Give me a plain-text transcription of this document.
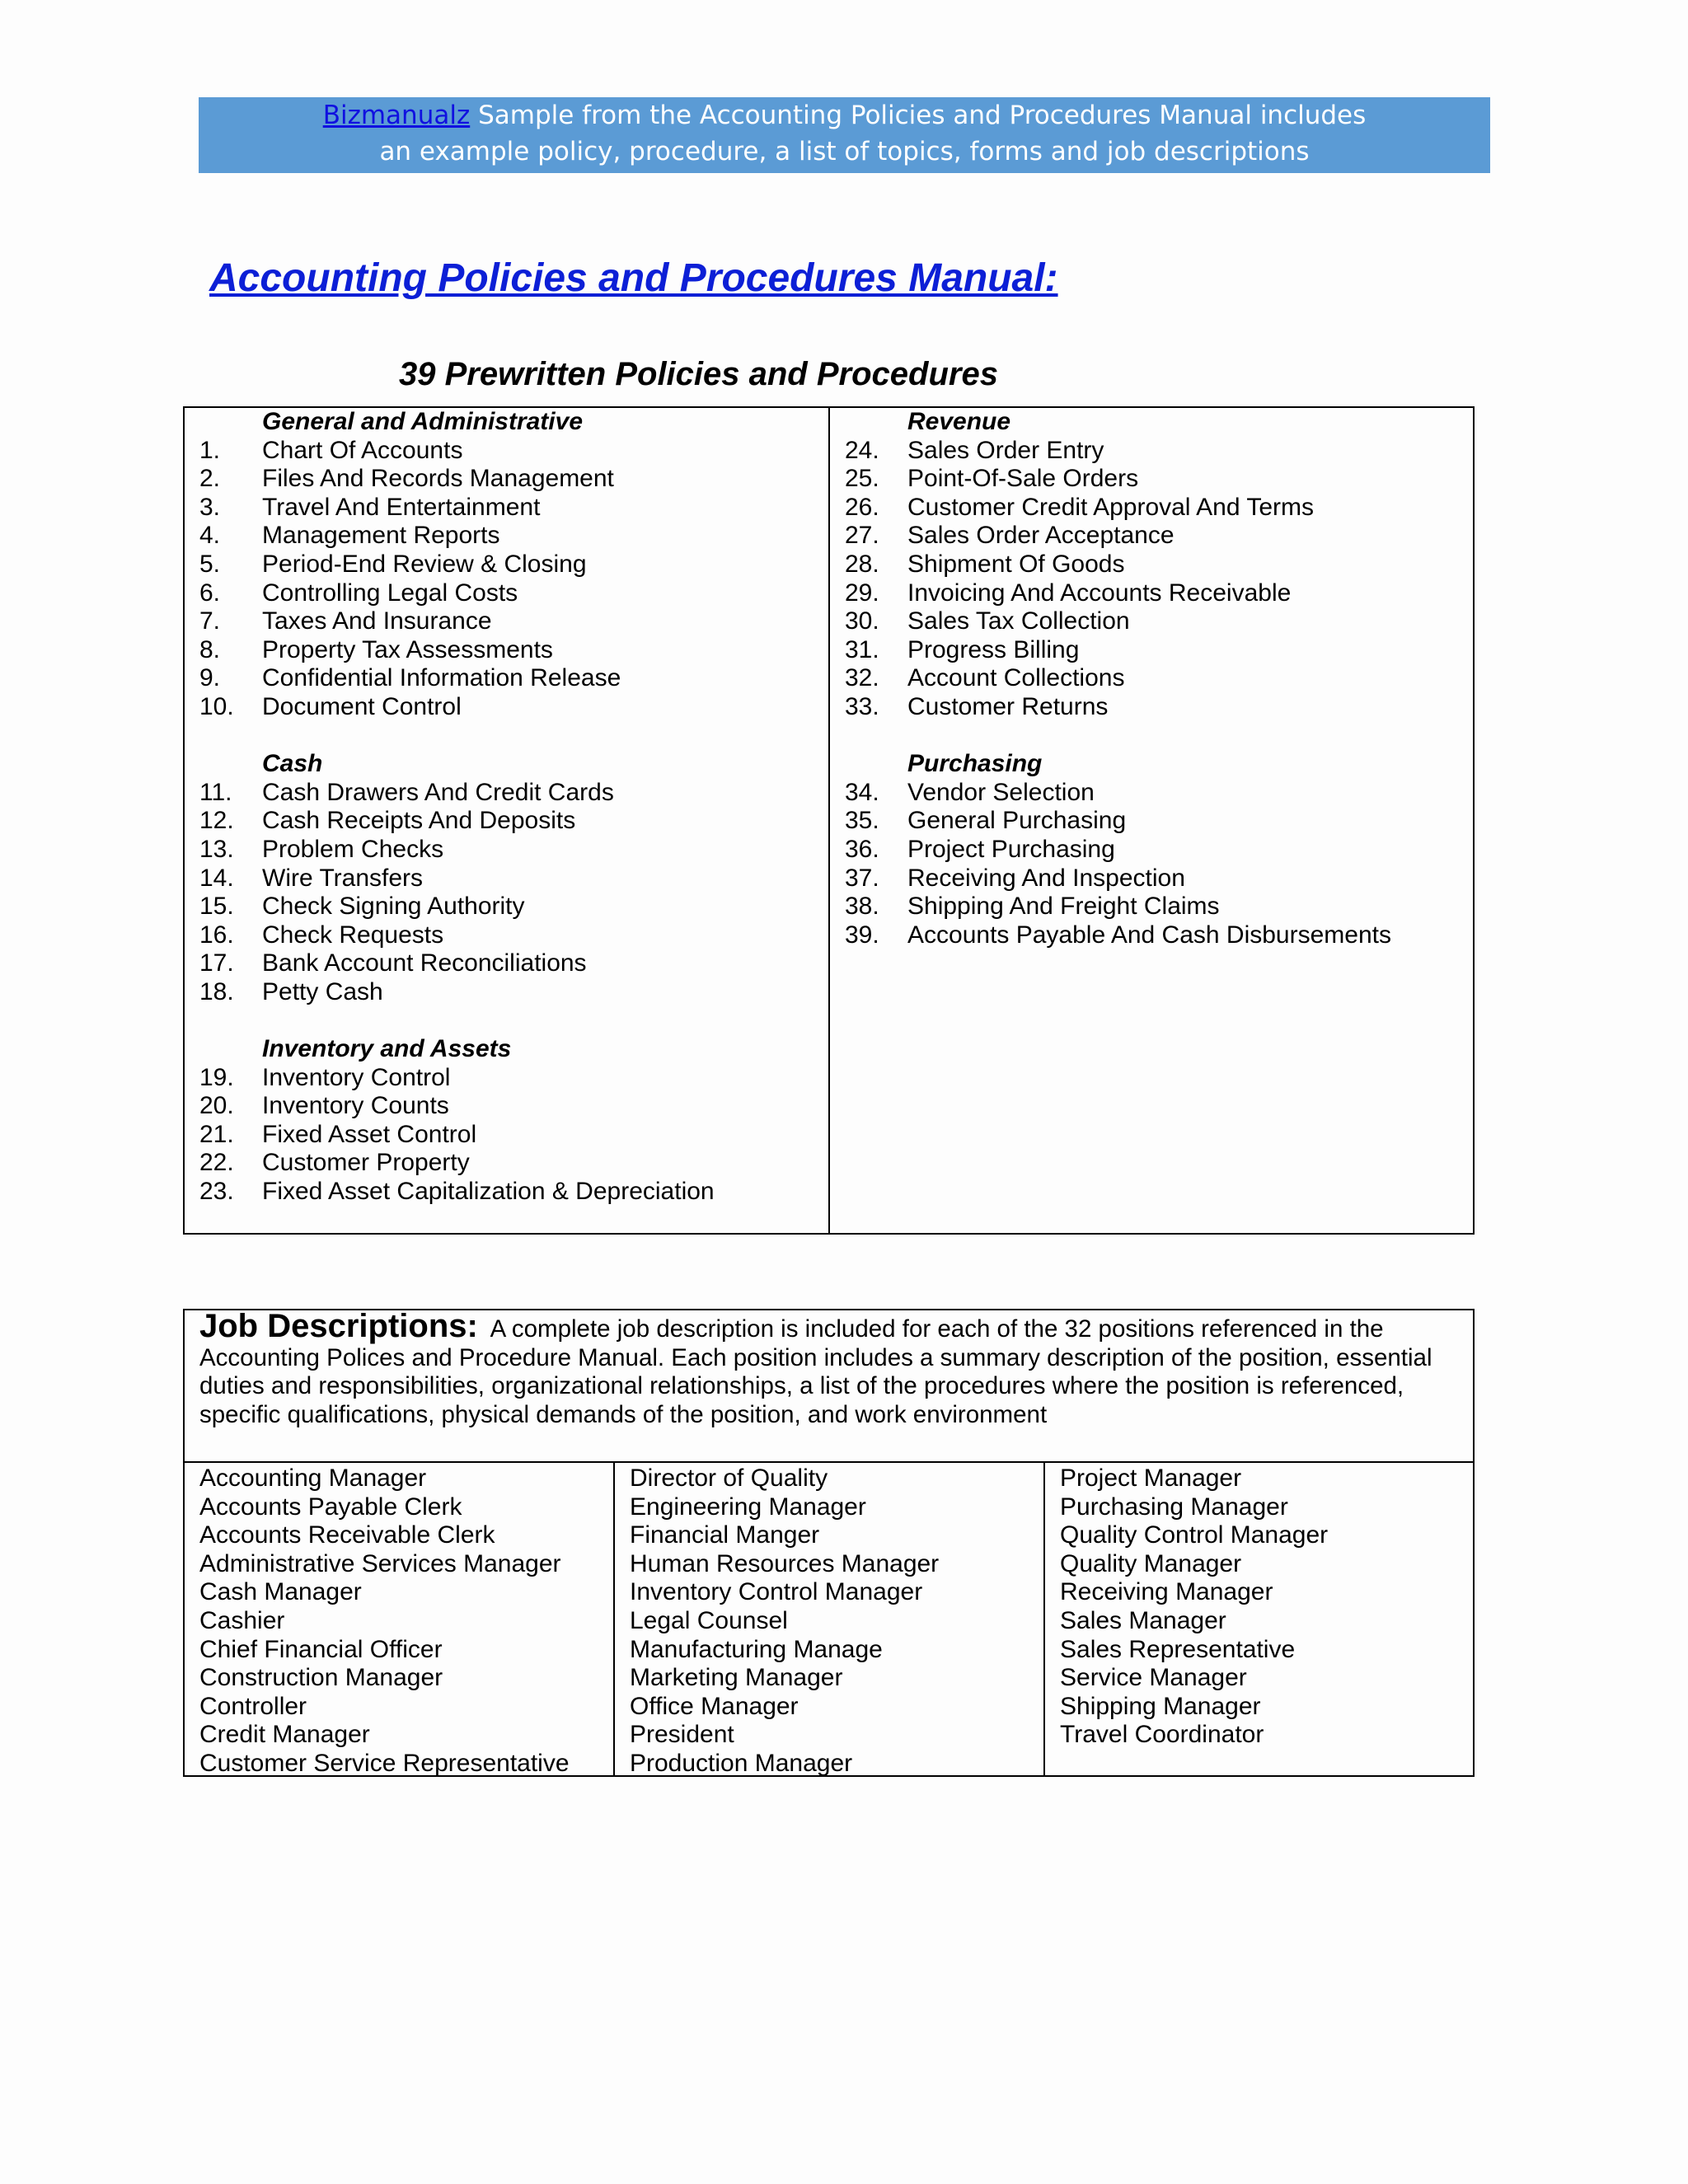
Bizmanualz Sample from the Accounting Policies and Procedures Manual includes
an example policy, procedure, a list of topics, forms and job descriptions
Accounting Policies and Procedures Manual:
39 Prewritten Policies and Procedures
General and Administrative
1.	Chart Of Accounts
2.	Files And Records Management
3.	Travel And Entertainment
4.	Management Reports
5.	Period-End Review & Closing
6.	Controlling Legal Costs
7.	Taxes And Insurance
8.	Property Tax Assessments
9.	Confidential Information Release
10.	Document Control
Cash
11.	Cash Drawers And Credit Cards
12.	Cash Receipts And Deposits
13.	Problem Checks
14.	Wire Transfers
15.	Check Signing Authority
16.	Check Requests
17.	Bank Account Reconciliations
18.	Petty Cash
Inventory and Assets
19.	Inventory Control
20.	Inventory Counts
21.	Fixed Asset Control
22.	Customer Property
23.	Fixed Asset Capitalization & Depreciation
Revenue
24.	Sales Order Entry
25.	Point-Of-Sale Orders
26.	Customer Credit Approval And Terms
27.	Sales Order Acceptance
28.	Shipment Of Goods
29.	Invoicing And Accounts Receivable
30.	Sales Tax Collection
31.	Progress Billing
32.	Account Collections
33.	Customer Returns
Purchasing
34.	Vendor Selection
35.	General Purchasing
36.	Project Purchasing
37.	Receiving And Inspection
38.	Shipping And Freight Claims
39.	Accounts Payable And Cash Disbursements
Job Descriptions: A complete job description is included for each of the 32 positions referenced in the Accounting Polices and Procedure Manual. Each position includes a summary description of the position, essential duties and responsibilities, organizational relationships, a list of the procedures where the position is referenced, specific qualifications, physical demands of the position, and work environment
Accounting Manager
Accounts Payable Clerk
Accounts Receivable Clerk
Administrative Services Manager
Cash Manager
Cashier
Chief Financial Officer
Construction Manager
Controller
Credit Manager
Customer Service Representative
Director of Quality
Engineering Manager
Financial Manger
Human Resources Manager
Inventory Control Manager
Legal Counsel
Manufacturing Manage
Marketing Manager
Office Manager
President
Production Manager
Project Manager
Purchasing Manager
Quality Control Manager
Quality Manager
Receiving Manager
Sales Manager
Sales Representative
Service Manager
Shipping Manager
Travel Coordinator
